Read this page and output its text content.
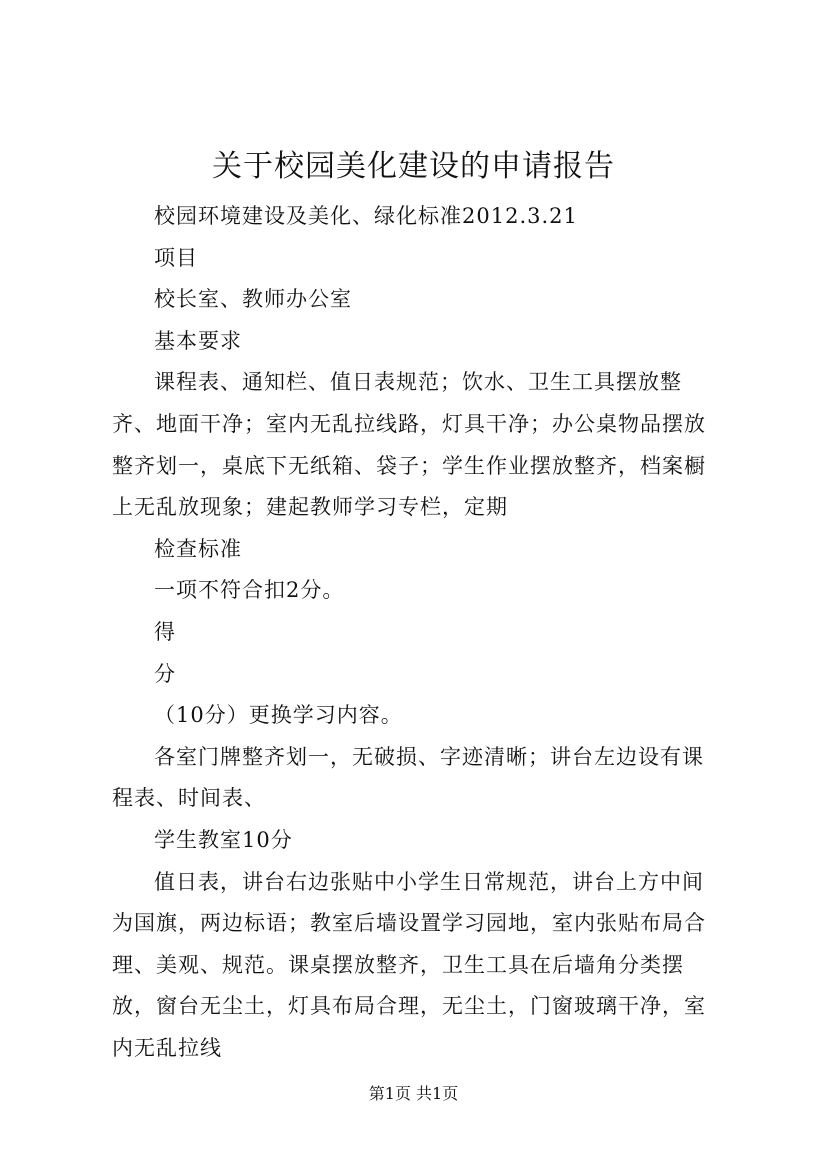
关于校园美化建设的申请报告

校园环境建设及美化、绿化标准2012.3.21

项目

校长室、教师办公室

基本要求

课程表、通知栏、值日表规范；饮水、卫生工具摆放整齐、地面干净；室内无乱拉线路，灯具干净；办公桌物品摆放整齐划一，桌底下无纸箱、袋子；学生作业摆放整齐，档案橱上无乱放现象；建起教师学习专栏，定期

检查标准

一项不符合扣2分。

得

分

（10分）更换学习内容。

各室门牌整齐划一，无破损、字迹清晰；讲台左边设有课程表、时间表、

学生教室10分

值日表，讲台右边张贴中小学生日常规范，讲台上方中间为国旗，两边标语；教室后墙设置学习园地，室内张贴布局合理、美观、规范。课桌摆放整齐，卫生工具在后墙角分类摆放，窗台无尘土，灯具布局合理，无尘土，门窗玻璃干净，室内无乱拉线

第1页 共1页
